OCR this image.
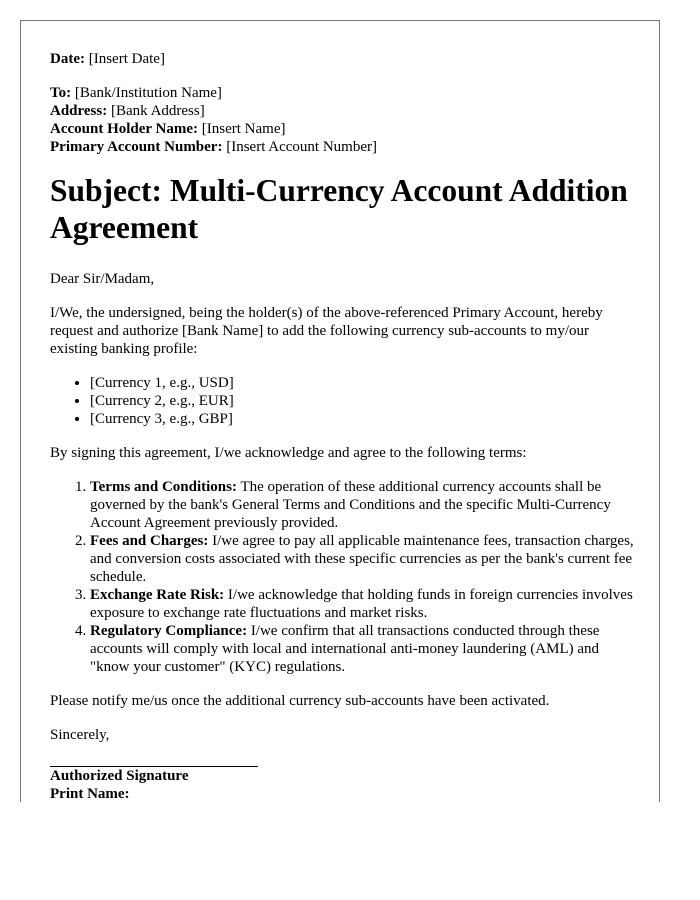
Date: [Insert Date]
To: [Bank/Institution Name]
Address: [Bank Address]
Account Holder Name: [Insert Name]
Primary Account Number: [Insert Account Number]
Subject: Multi-Currency Account Addition Agreement

Dear Sir/Madam,

I/We, the undersigned, being the holder(s) of the above-referenced Primary Account, hereby request and authorize [Bank Name] to add the following currency sub-accounts to my/our existing banking profile:

• [Currency 1, e.g., USD]
• [Currency 2, e.g., EUR]
• [Currency 3, e.g., GBP]

By signing this agreement, I/we acknowledge and agree to the following terms:

1. Terms and Conditions: The operation of these additional currency accounts shall be governed by the bank's General Terms and Conditions and the specific Multi-Currency Account Agreement previously provided.
2. Fees and Charges: I/we agree to pay all applicable maintenance fees, transaction charges, and conversion costs associated with these specific currencies as per the bank's current fee schedule.
3. Exchange Rate Risk: I/we acknowledge that holding funds in foreign currencies involves exposure to exchange rate fluctuations and market risks.
4. Regulatory Compliance: I/we confirm that all transactions conducted through these accounts will comply with local and international anti-money laundering (AML) and "know your customer" (KYC) regulations.

Please notify me/us once the additional currency sub-accounts have been activated.

Sincerely,

Authorized Signature
Print Name:
